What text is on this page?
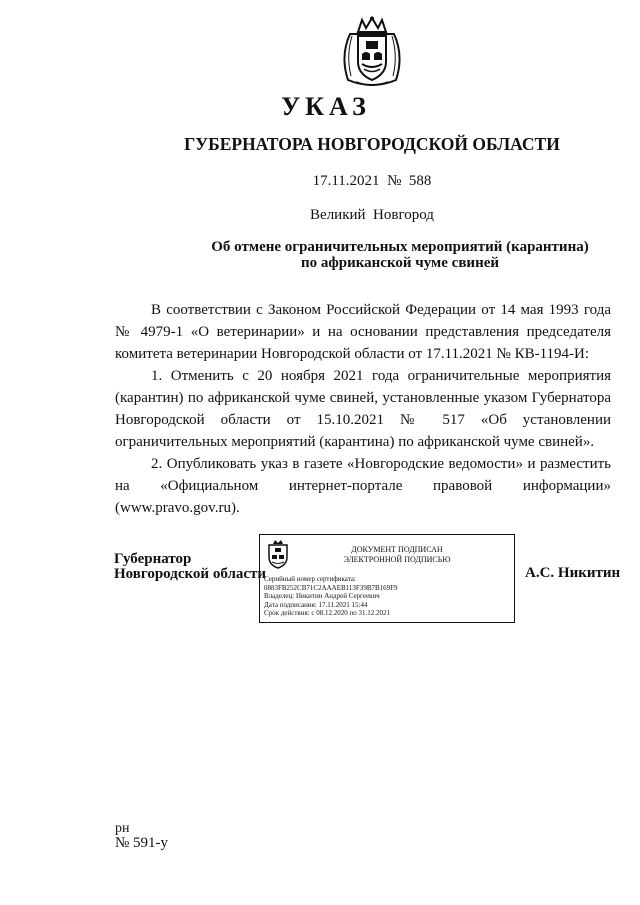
УКАЗ
ГУБЕРНАТОРА НОВГОРОДСКОЙ ОБЛАСТИ
17.11.2021 № 588
Великий  Новгород
Об отмене ограничительных мероприятий (карантина)
по африканской чуме свиней

В соответствии с Законом Российской Федерации от 14 мая 1993 года № 4979-1 «О ветеринарии» и на основании представления председателя комитета ветеринарии Новгородской области от 17.11.2021 № КВ-1194-И:

1. Отменить с 20 ноября 2021 года ограничительные мероприятия (карантин) по африканской чуме свиней, установленные указом Губернатора Новгородской области от 15.10.2021 № 517 «Об установлении ограничительных мероприятий (карантина) по африканской чуме свиней».

2. Опубликовать указ в газете «Новгородские ведомости» и разместить на «Официальном интернет-портале правовой информации» (www.pravo.gov.ru).

Губернатор
Новгородской области
ДОКУМЕНТ ПОДПИСАН
ЭЛЕКТРОННОЙ ПОДПИСЬЮ
Серийный номер сертификата:
0883FB252CB71C2AAAEB113F39B7B169F9
Владелец: Никитин Андрей Сергеевич
Дата подписания: 17.11.2021 15:44
Срок действия: с 08.12.2020 по 31.12.2021
А.С. Никитин
рн
№ 591-у
